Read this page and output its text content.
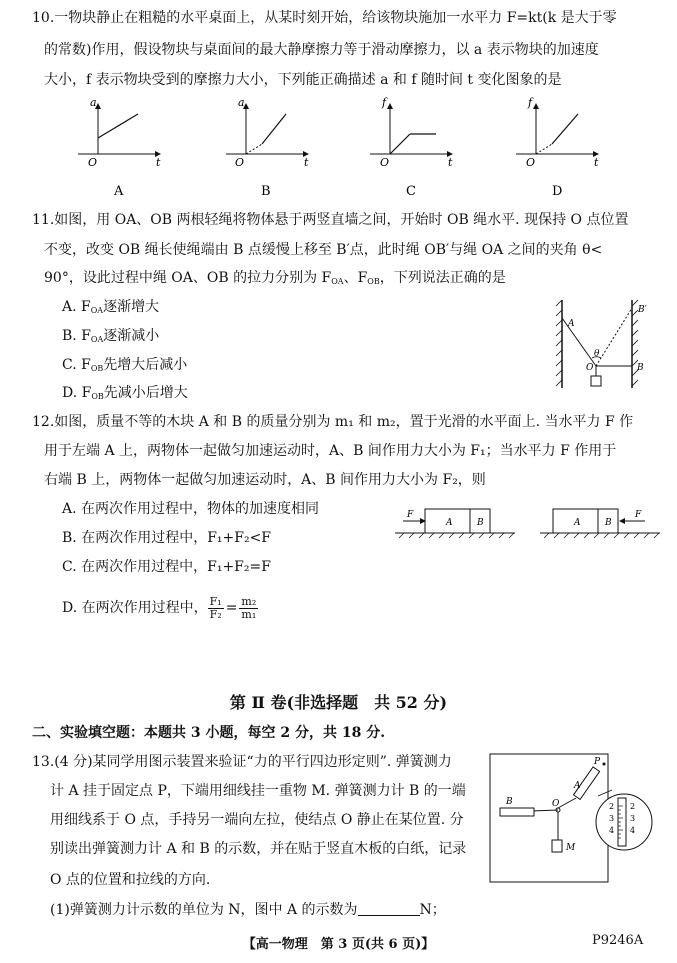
10.一物块静止在粗糙的水平桌面上，从某时刻开始，给该物块施加一水平力 F=kt(k 是大于零
的常数)作用，假设物块与桌面间的最大静摩擦力等于滑动摩擦力，以 a 表示物块的加速度
大小，f 表示物块受到的摩擦力大小，下列能正确描述 a 和 f 随时间 t 变化图象的是
a
O	t
A
a
O	t
B
f
O	t
C
f
O	t
D
11.如图，用 OA、OB 两根轻绳将物体悬于两竖直墙之间，开始时 OB 绳水平. 现保持 O 点位置
不变，改变 OB 绳长使绳端由 B 点缓慢上移至 B′点，此时绳 OB′与绳 OA 之间的夹角 θ<
90°，设此过程中绳 OA、OB 的拉力分别为 $F_{OA}$、$F_{OB}$，下列说法正确的是
A. $F_{OA}$逐渐增大
B. $F_{OA}$逐渐减小
C. $F_{OB}$先增大后减小
D. $F_{OB}$先减小后增大
A
B′
B
O
θ
12.如图，质量不等的木块 A 和 B 的质量分别为 m₁ 和 m₂，置于光滑的水平面上. 当水平力 F 作
用于左端 A 上，两物体一起做匀加速运动时，A、B 间作用力大小为 F₁；当水平力 F 作用于
右端 B 上，两物体一起做匀加速运动时，A、B 间作用力大小为 F₂，则
A. 在两次作用过程中，物体的加速度相同
B. 在两次作用过程中，F₁+F₂<F
C. 在两次作用过程中，F₁+F₂=F
D. 在两次作用过程中， $\frac{\text{F₁}}{\text{F₂}} = \frac{\text{m₂}}{\text{m₁}}$
F
A	B
F
A	B
第 Ⅱ 卷(非选择题　共 52 分)
二、实验填空题：本题共 3 小题，每空 2 分，共 18 分.
13.(4 分)某同学用图示装置来验证“力的平行四边形定则”. 弹簧测力
计 A 挂于固定点 P，下端用细线挂一重物 M. 弹簧测力计 B 的一端
用细线系于 O 点，手持另一端向左拉，使结点 O 静止在某位置. 分
别读出弹簧测力计 A 和 B 的示数，并在贴于竖直木板的白纸，记录
O 点的位置和拉线的方向.
(1)弹簧测力计示数的单位为 N，图中 A 的示数为	N；
P
A
O
B
M
2
3
4
2
3
4
【高一物理　第 3 页(共 6 页)】	P9246A
